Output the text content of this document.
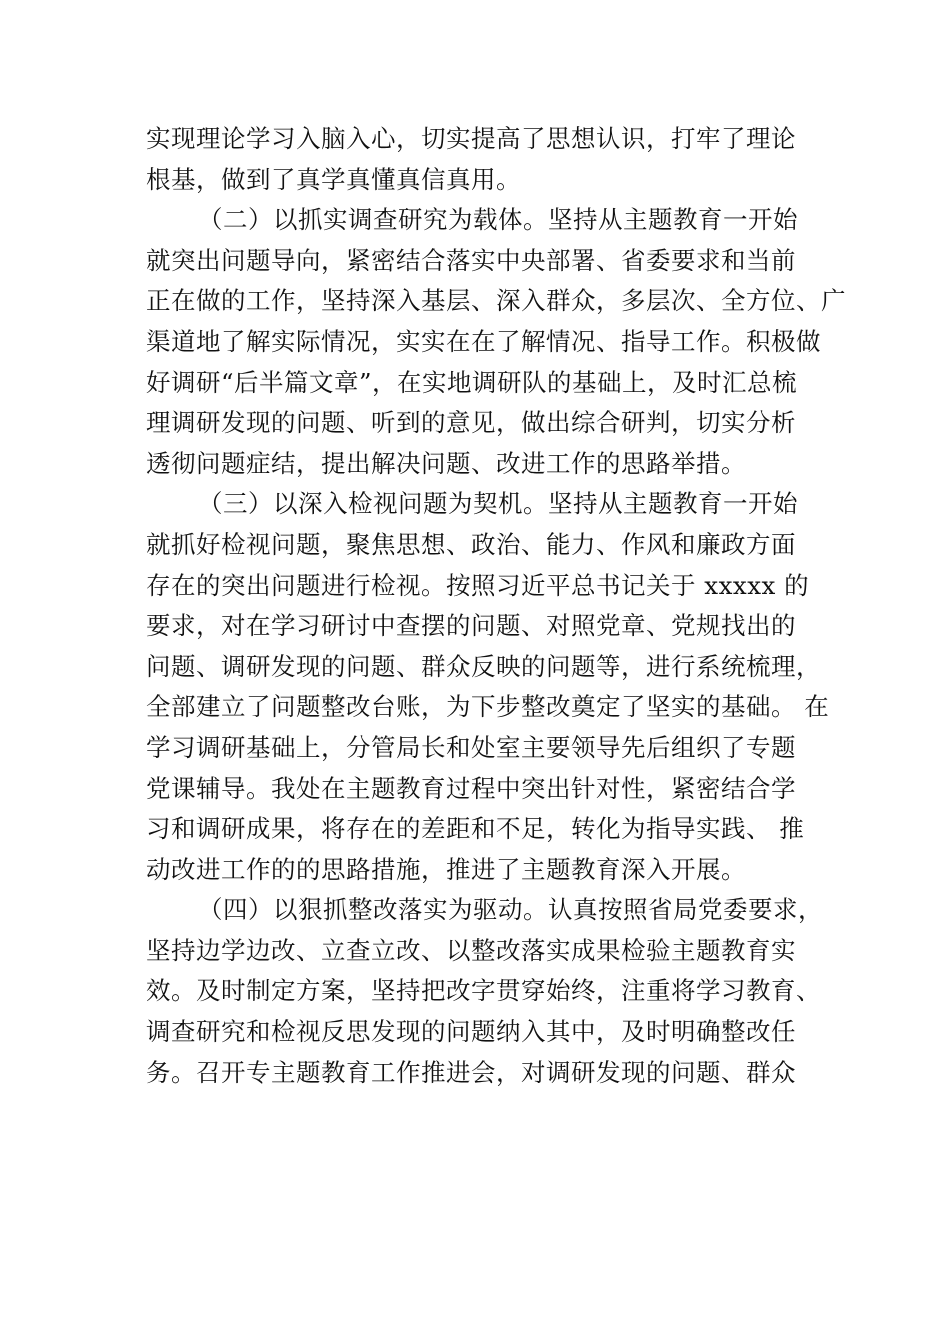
实现理论学习入脑入心，切实提高了思想认识，打牢了理论
根基，做到了真学真懂真信真用。
（二）以抓实调查研究为载体。坚持从主题教育一开始
就突出问题导向，紧密结合落实中央部署、省委要求和当前
正在做的工作，坚持深入基层、深入群众，多层次、全方位、广
渠道地了解实际情况，实实在在了解情况、指导工作。积极做
好调研“后半篇文章”，在实地调研队的基础上，及时汇总梳
理调研发现的问题、听到的意见，做出综合研判，切实分析
透彻问题症结，提出解决问题、改进工作的思路举措。
（三）以深入检视问题为契机。坚持从主题教育一开始
就抓好检视问题，聚焦思想、政治、能力、作风和廉政方面
存在的突出问题进行检视。按照习近平总书记关于 xxxxx 的
要求，对在学习研讨中查摆的问题、对照党章、党规找出的
问题、调研发现的问题、群众反映的问题等，进行系统梳理，
全部建立了问题整改台账，为下步整改奠定了坚实的基础。 在
学习调研基础上，分管局长和处室主要领导先后组织了专题
党课辅导。我处在主题教育过程中突出针对性，紧密结合学
习和调研成果，将存在的差距和不足，转化为指导实践、 推
动改进工作的的思路措施，推进了主题教育深入开展。
（四）以狠抓整改落实为驱动。认真按照省局党委要求，
坚持边学边改、立查立改、以整改落实成果检验主题教育实
效。及时制定方案，坚持把改字贯穿始终，注重将学习教育、
调查研究和检视反思发现的问题纳入其中，及时明确整改任
务。召开专主题教育工作推进会，对调研发现的问题、群众
